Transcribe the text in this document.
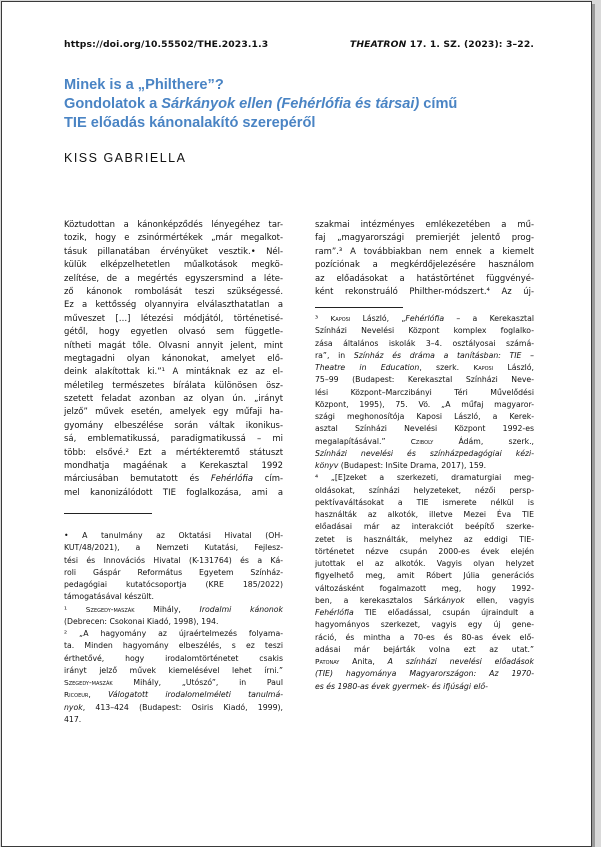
https://doi.org/10.55502/THE.2023.1.3	THEATRON 17. 1. SZ. (2023): 3–22.
Minek is a „Philthere”?
Gondolatok a Sárkányok ellen (Fehérlófia és társai) című
TIE előadás kánonalakító szerepéről
KISS GABRIELLA
Köztudottan a kánonképződés lényegéhez tar-
tozik, hogy e zsinórmértékek „már megalkot-
tásuk pillanatában érvényüket vesztik.• Nél-
külük elképzelhetetlen műalkotások megkö-
zelítése, de a megértés egyszersmind a léte-
ző kánonok rombolását teszi szükségessé.
Ez a kettősség olyannyira elválaszthatatlan a
műveszet […] létezési módjától, történetisé-
gétől, hogy egyetlen olvasó sem függetle-
nítheti magát tőle. Olvasni annyit jelent, mint
megtagadni olyan kánonokat, amelyet elő-
deink alakítottak ki.”¹ A mintáknak ez az el-
méletileg természetes bírálata különösen ösz-
szetett feladat azonban az olyan ún. „irányt
jelző” művek esetén, amelyek egy műfaji ha-
gyomány elbeszélése során váltak ikonikus-
sá, emblematikussá, paradigmatikussá – mi
több: elsővé.² Ezt a mértékteremtő státuszt
mondhatja magáénak a Kerekasztal 1992
márciusában bemutatott és Fehérlófia cím-
mel kanonizálódott TIE foglalkozása, ami a
• A tanulmány az Oktatási Hivatal (OH-
KUT/48/2021), a Nemzeti Kutatási, Fejlesz-
tési és Innovációs Hivatal (K-131764) és a Ká-
roli Gáspár Református Egyetem Színház-
pedagógiai kutatócsoportja (KRE 185/2022)
támogatásával készült.
¹ Szegedy-maszák Mihály, Irodalmi kánonok
(Debrecen: Csokonai Kiadó, 1998), 194.
² „A hagyomány az újraértelmezés folyama-
ta. Minden hagyomány elbeszélés, s ez teszi
érthetővé, hogy irodalomtörténetet csakis
irányt jelző művek kiemelésével lehet írni.”
Szegedy-maszák Mihály, „Utószó”, in Paul
Ricoeur, Válogatott irodalomelméleti tanulmá-
nyok, 413–424 (Budapest: Osiris Kiadó, 1999),
417.
szakmai intézményes emlékezetében a mű-
faj „magyarországi premierjét jelentő prog-
ram”.³ A továbbiakban nem ennek a kiemelt
pozíciónak a megkérdőjelezésére használom
az előadásokat a hatástörténet függvényé-
ként rekonstruáló Philther-módszert.⁴ Az új-
³ Kaposi László, „Fehérlófia – a Kerekasztal
Színházi Nevelési Központ komplex foglalko-
zása általános iskolák 3–4. osztályosai számá-
ra”, in Színház és dráma a tanításban: TIE –
Theatre in Education, szerk. Kaposi László,
75–99 (Budapest: Kerekasztal Színházi Neve-
lési Központ–Marczibányi Téri Művelődési
Központ, 1995), 75. Vö. „A műfaj magyaror-
szági meghonosítója Kaposi László, a Kerek-
asztal Színházi Nevelési Központ 1992-es
megalapításával.” Cziboly Ádám, szerk.,
Színházi nevelési és színházpedagógiai kézi-
könyv (Budapest: InSite Drama, 2017), 159.
⁴ „[E]zeket a szerkezeti, dramaturgiai meg-
oldásokat, színházi helyzeteket, nézői persp-
pektívaváltásokat a TIE ismerete nélkül is
használták az alkotók, illetve Mezei Éva TIE
előadásai már az interakciót beépítő szerke-
zetet is használták, melyhez az eddigi TIE-
történetet nézve csupán 2000-es évek elején
jutottak el az alkotók. Vagyis olyan helyzet
figyelhető meg, amit Róbert Júlia generációs
változásként fogalmazott meg, hogy 1992-
ben, a kerekasztalos Sárkányok ellen, vagyis
Fehérlófia TIE előadással, csupán újraindult a
hagyományos szerkezet, vagyis egy új gene-
ráció, és mintha a 70-es és 80-as évek elő-
adásai már bejárták volna ezt az utat.”
Patonay Anita, A színházi nevelési előadások
(TIE) hagyománya Magyarországon: Az 1970-
es és 1980-as évek gyermek- és ifjúsági elő-
